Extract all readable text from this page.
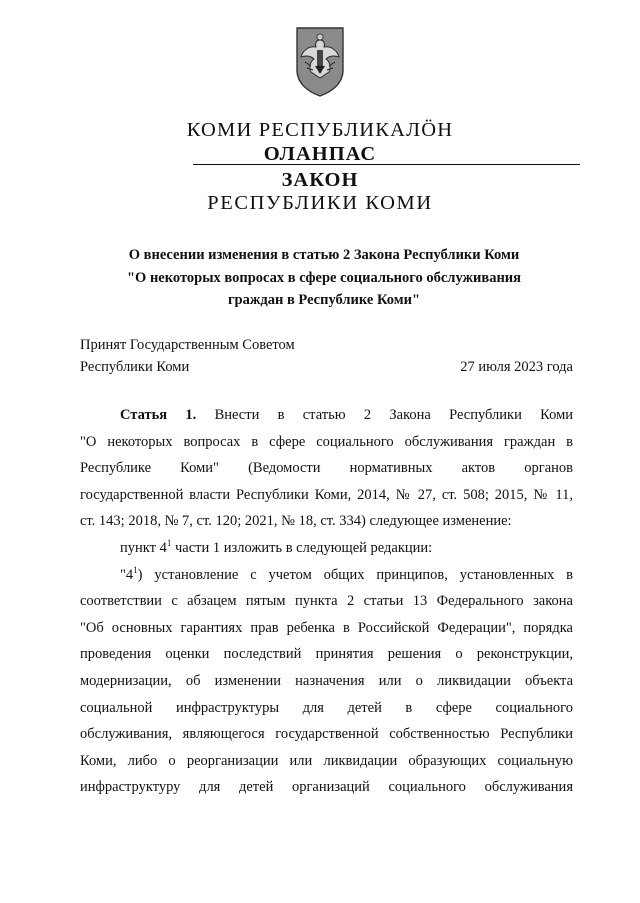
КОМИ РЕСПУБЛИКАЛӦН
ОЛАНПАС
ЗАКОН
РЕСПУБЛИКИ КОМИ
О внесении изменения в статью 2 Закона Республики Коми
"О некоторых вопросах в сфере социального обслуживания
граждан в Республике Коми"
Принят Государственным Советом
Республики Коми	27 июля 2023 года

Статья 1. Внести в статью 2 Закона Республики Коми

"О некоторых вопросах в сфере социального обслуживания граждан в

Республике Коми" (Ведомости нормативных актов органов

государственной власти Республики Коми, 2014, № 27, ст. 508; 2015, № 11,

ст. 143; 2018, № 7, ст. 120; 2021, № 18, ст. 334) следующее изменение:

пункт $4^1$ части 1 изложить в следующей редакции:

"$4^1$) установление с учетом общих принципов, установленных в

соответствии с абзацем пятым пункта 2 статьи 13 Федерального закона

"Об основных гарантиях прав ребенка в Российской Федерации", порядка

проведения оценки последствий принятия решения о реконструкции,

модернизации, об изменении назначения или о ликвидации объекта

социальной инфраструктуры для детей в сфере социального

обслуживания, являющегося государственной собственностью Республики

Коми, либо о реорганизации или ликвидации образующих социальную

инфраструктуру для детей организаций социального обслуживания
